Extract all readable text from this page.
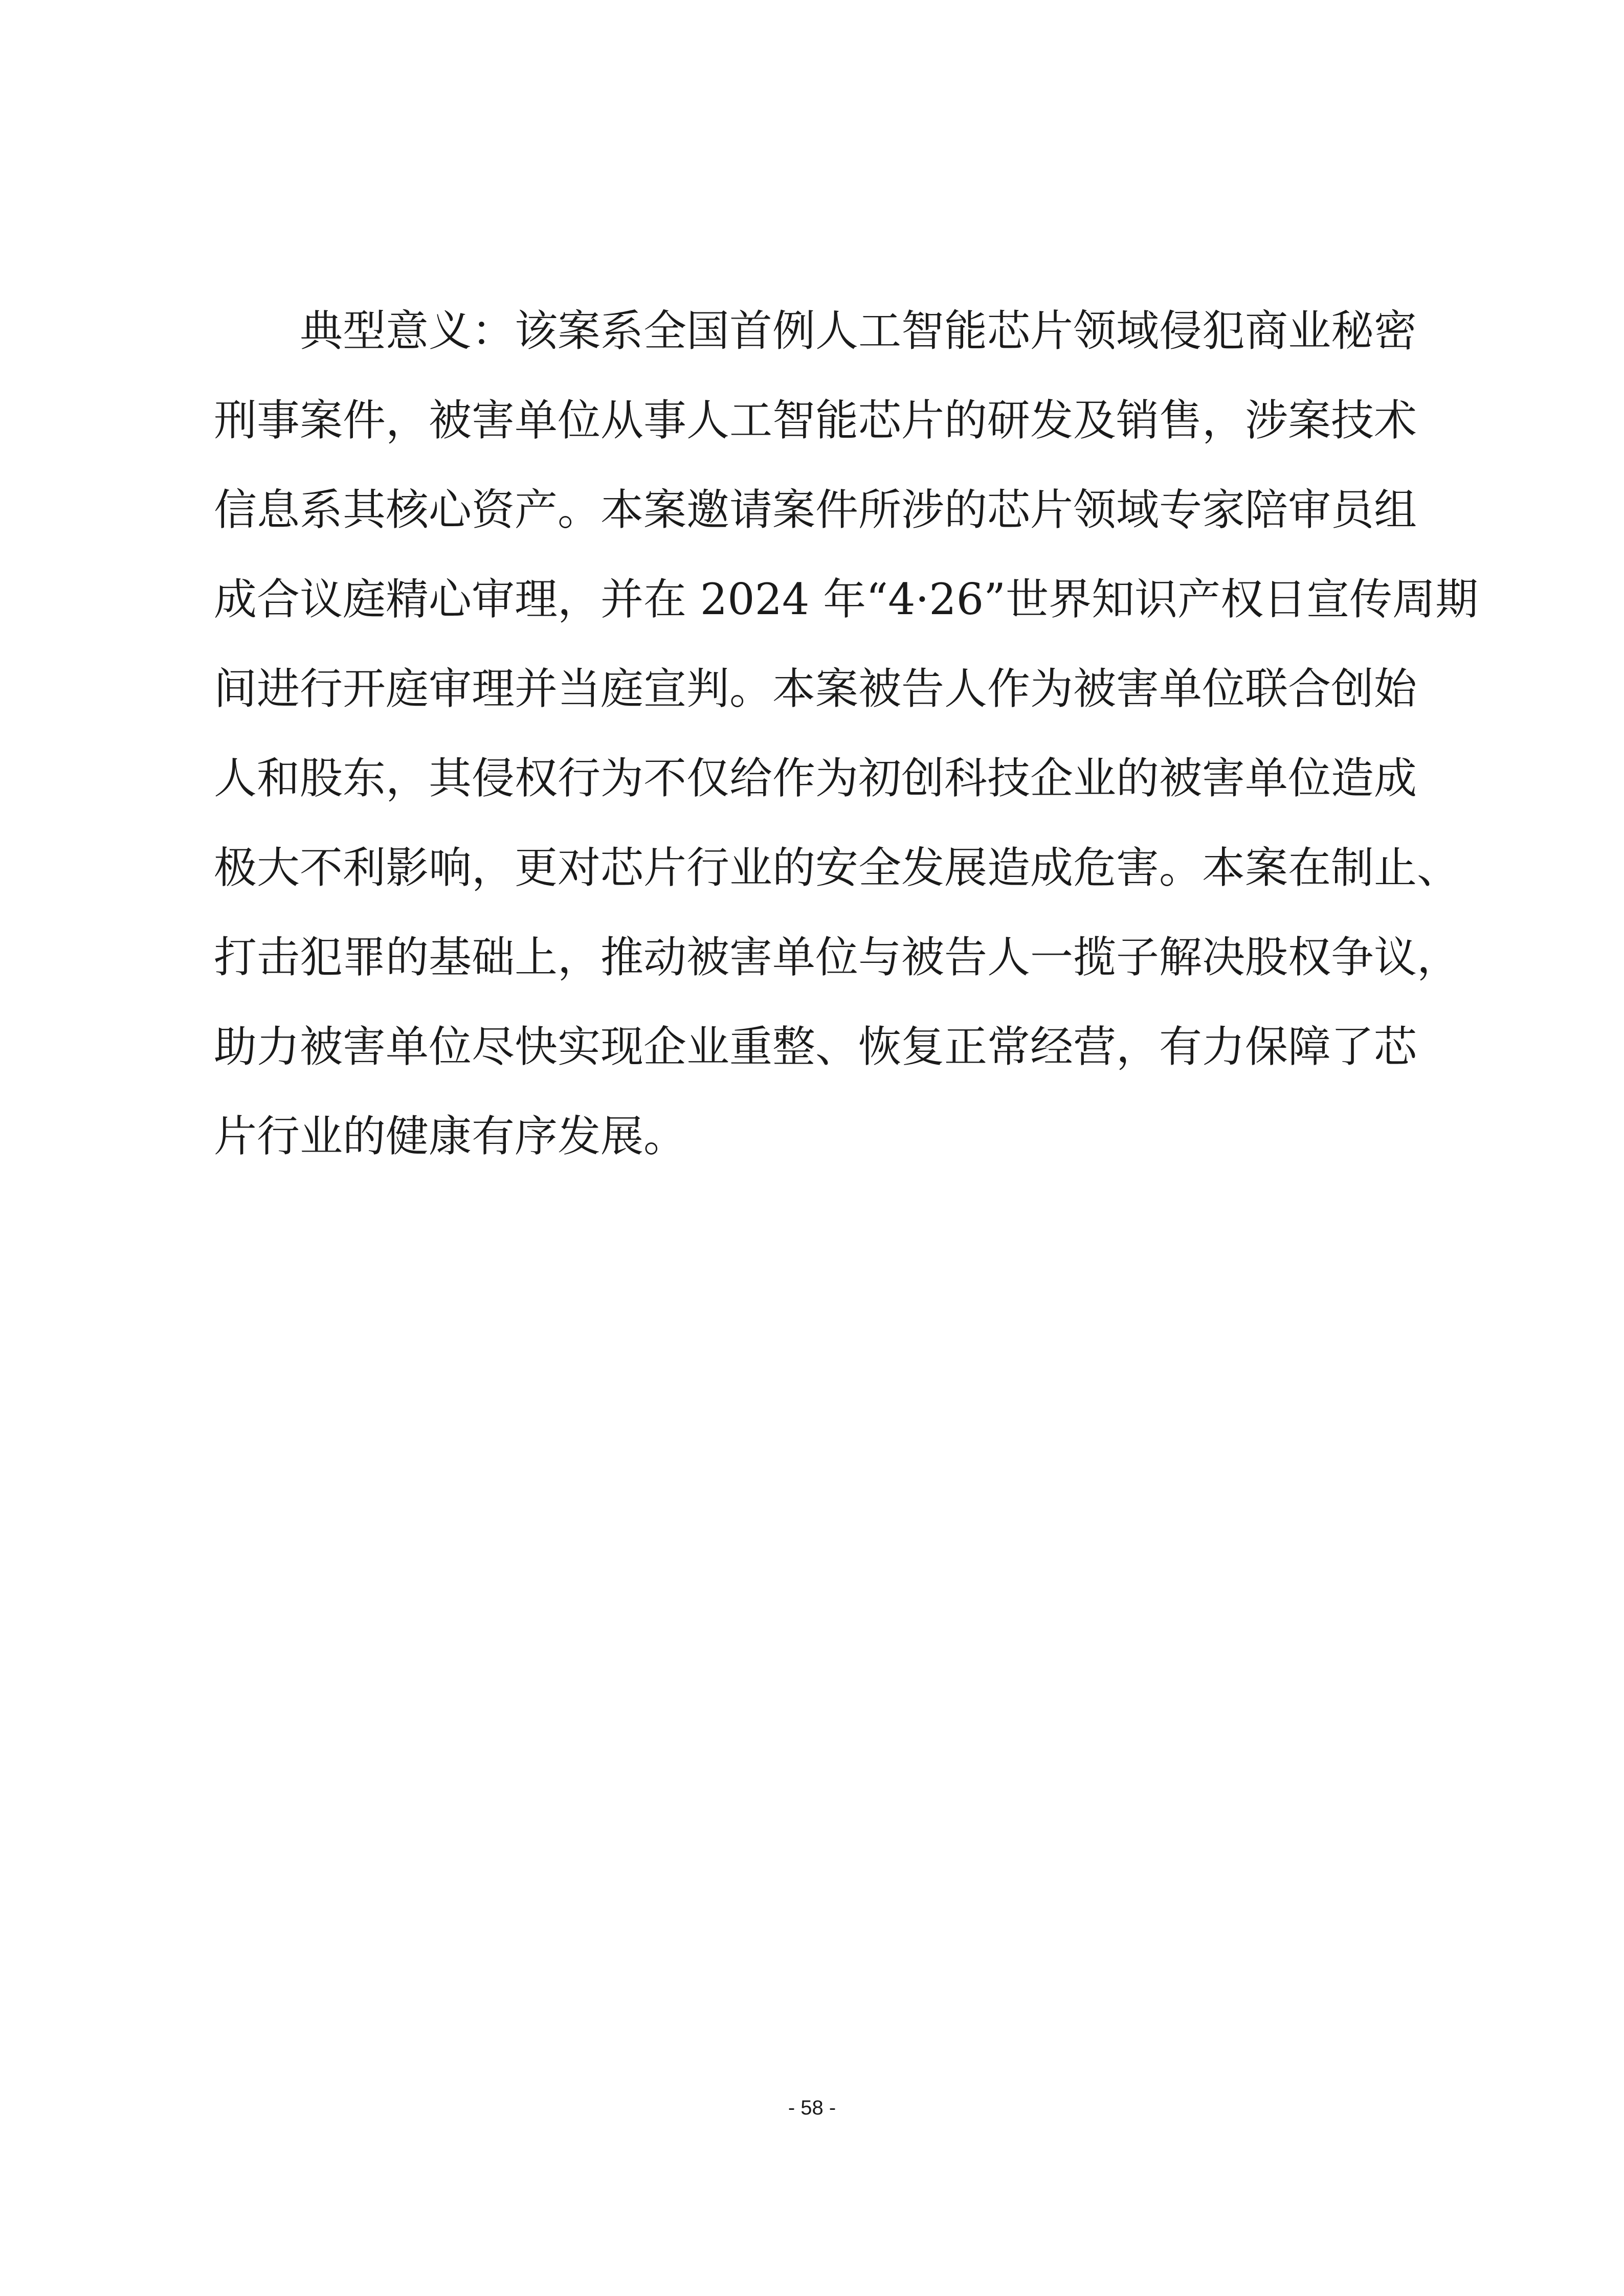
典型意义：该案系全国首例人工智能芯片领域侵犯商业秘密
刑事案件，被害单位从事人工智能芯片的研发及销售，涉案技术
信息系其核心资产。本案邀请案件所涉的芯片领域专家陪审员组
成合议庭精心审理，并在 2024 年“4·26”世界知识产权日宣传周期
间进行开庭审理并当庭宣判。本案被告人作为被害单位联合创始
人和股东，其侵权行为不仅给作为初创科技企业的被害单位造成
极大不利影响，更对芯片行业的安全发展造成危害。本案在制止、
打击犯罪的基础上，推动被害单位与被告人一揽子解决股权争议，
助力被害单位尽快实现企业重整、恢复正常经营，有力保障了芯
片行业的健康有序发展。
- 58 -
